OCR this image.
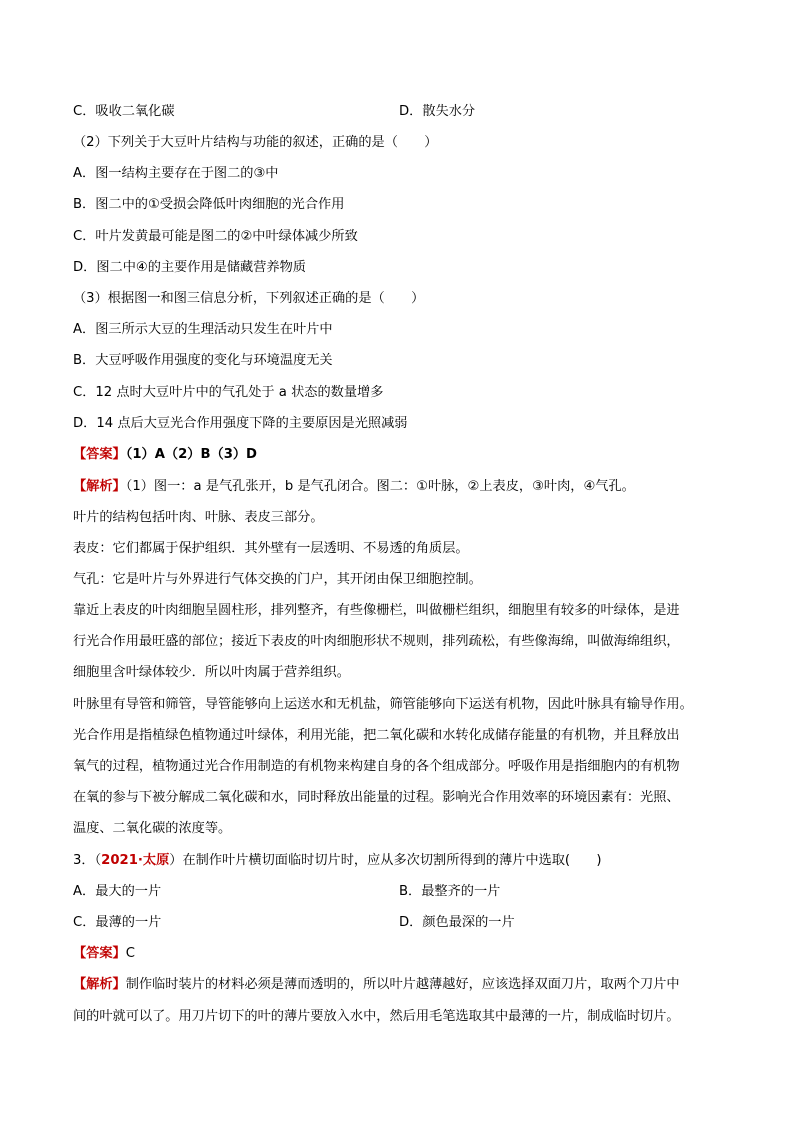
C．吸收二氧化碳	D．散失水分
（2）下列关于大豆叶片结构与功能的叙述，正确的是（　　）
A．图一结构主要存在于图二的③中
B．图二中的①受损会降低叶肉细胞的光合作用
C．叶片发黄最可能是图二的②中叶绿体减少所致
D．图二中④的主要作用是储藏营养物质
（3）根据图一和图三信息分析，下列叙述正确的是（　　）
A．图三所示大豆的生理活动只发生在叶片中
B．大豆呼吸作用强度的变化与环境温度无关
C．12 点时大豆叶片中的气孔处于 a 状态的数量增多
D．14 点后大豆光合作用强度下降的主要原因是光照减弱
【答案】（1）A（2）B（3）D
【解析】（1）图一：a 是气孔张开，b 是气孔闭合。图二：①叶脉，②上表皮，③叶肉，④气孔。
叶片的结构包括叶肉、叶脉、表皮三部分。
表皮：它们都属于保护组织．其外壁有一层透明、不易透的角质层。
气孔：它是叶片与外界进行气体交换的门户，其开闭由保卫细胞控制。
靠近上表皮的叶肉细胞呈圆柱形，排列整齐，有些像栅栏，叫做栅栏组织，细胞里有较多的叶绿体，是进
行光合作用最旺盛的部位；接近下表皮的叶肉细胞形状不规则，排列疏松，有些像海绵，叫做海绵组织，
细胞里含叶绿体较少．所以叶肉属于营养组织。
叶脉里有导管和筛管，导管能够向上运送水和无机盐，筛管能够向下运送有机物，因此叶脉具有输导作用。
光合作用是指植绿色植物通过叶绿体，利用光能，把二氧化碳和水转化成储存能量的有机物，并且释放出
氧气的过程，植物通过光合作用制造的有机物来构建自身的各个组成部分。呼吸作用是指细胞内的有机物
在氧的参与下被分解成二氧化碳和水，同时释放出能量的过程。影响光合作用效率的环境因素有：光照、
温度、二氧化碳的浓度等。
3．（2021·太原）在制作叶片横切面临时切片时，应从多次切割所得到的薄片中选取(　　)
A．最大的一片	B．最整齐的一片
C．最薄的一片	D．颜色最深的一片
【答案】C
【解析】制作临时装片的材料必须是薄而透明的，所以叶片越薄越好，应该选择双面刀片，取两个刀片中
间的叶就可以了。用刀片切下的叶的薄片要放入水中，然后用毛笔选取其中最薄的一片，制成临时切片。
